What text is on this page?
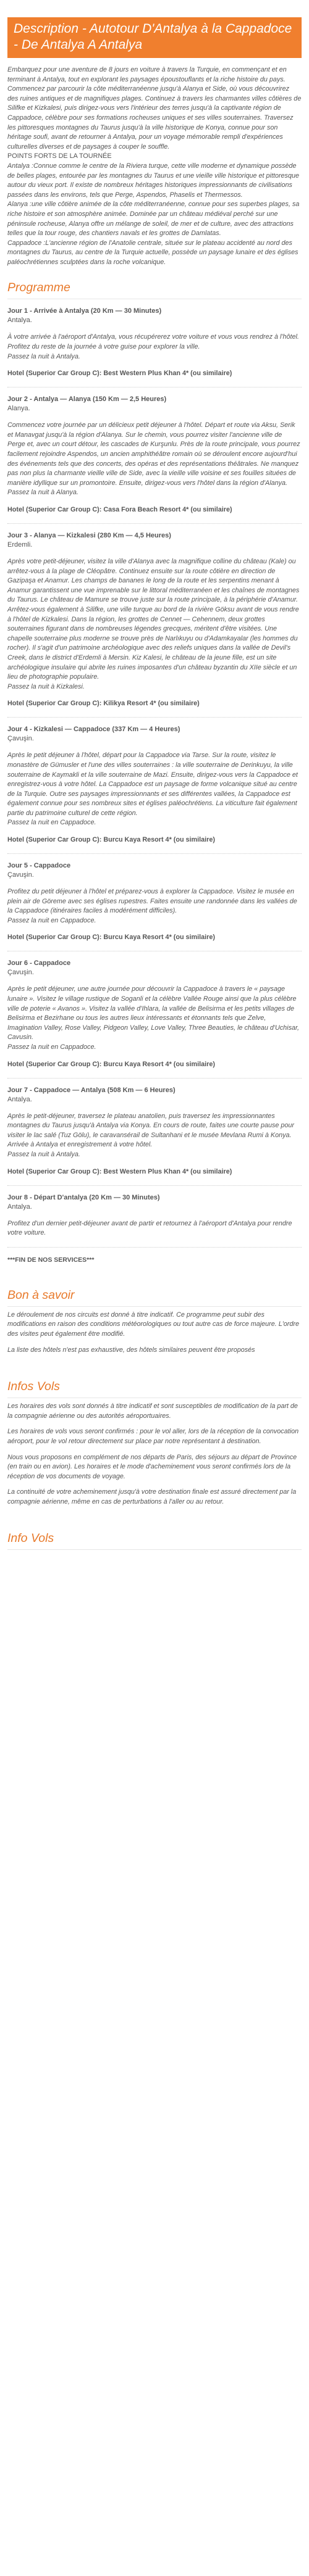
Description - Autotour D'Antalya à la Cappadoce - De Antalya A Antalya

Embarquez pour une aventure de 8 jours en voiture à travers la Turquie, en commençant et en terminant à Antalya, tout en explorant les paysages époustouflants et la riche histoire du pays. Commencez par parcourir la côte méditerranéenne jusqu'à Alanya et Side, où vous découvrirez des ruines antiques et de magnifiques plages. Continuez à travers les charmantes villes côtières de Silifke et Kizkalesi, puis dirigez-vous vers l'intérieur des terres jusqu'à la captivante région de Cappadoce, célèbre pour ses formations rocheuses uniques et ses villes souterraines. Traversez les pittoresques montagnes du Taurus jusqu'à la ville historique de Konya, connue pour son héritage soufi, avant de retourner à Antalya, pour un voyage mémorable rempli d'expériences culturelles diverses et de paysages à couper le souffle.

POINTS FORTS DE LA TOURNÉE

Antalya :Connue comme le centre de la Riviera turque, cette ville moderne et dynamique possède de belles plages, entourée par les montagnes du Taurus et une vieille ville historique et pittoresque autour du vieux port. Il existe de nombreux héritages historiques impressionnants de civilisations passées dans les environs, tels que Perge, Aspendos, Phaselis et Thermessos.

Alanya :une ville côtière animée de la côte méditerranéenne, connue pour ses superbes plages, sa riche histoire et son atmosphère animée. Dominée par un château médiéval perché sur une péninsule rocheuse, Alanya offre un mélange de soleil, de mer et de culture, avec des attractions telles que la tour rouge, des chantiers navals et les grottes de Damlatas.

Cappadoce :L'ancienne région de l'Anatolie centrale, située sur le plateau accidenté au nord des montagnes du Taurus, au centre de la Turquie actuelle, possède un paysage lunaire et des églises paléochrétiennes sculptées dans la roche volcanique.

Programme

Jour 1 - Arrivée à Antalya (20 Km — 30 Minutes)

Antalya.

À votre arrivée à l'aéroport d'Antalya, vous récupérerez votre voiture et vous vous rendrez à l'hôtel. Profitez du reste de la journée à votre guise pour explorer la ville.

Passez la nuit à Antalya.

Hotel (Superior Car Group C): Best Western Plus Khan 4* (ou similaire)

Jour 2 - Antalya — Alanya (150 Km — 2,5 Heures)

Alanya.

Commencez votre journée par un délicieux petit déjeuner à l'hôtel. Départ et route via Aksu, Serik et Manavgat jusqu'à la région d'Alanya. Sur le chemin, vous pourrez visiter l'ancienne ville de Perge et, avec un court détour, les cascades de Kurşunlu. Près de la route principale, vous pourrez facilement rejoindre Aspendos, un ancien amphithéâtre romain où se déroulent encore aujourd'hui des événements tels que des concerts, des opéras et des représentations théâtrales. Ne manquez pas non plus la charmante vieille ville de Side, avec la vieille ville voisine et ses fouilles situées de manière idyllique sur un promontoire. Ensuite, dirigez-vous vers l'hôtel dans la région d'Alanya.

Passez la nuit à Alanya.

Hotel (Superior Car Group C): Casa Fora Beach Resort 4* (ou similaire)

Jour 3 - Alanya — Kizkalesi (280 Km — 4,5 Heures)

Erdemli.

Après votre petit-déjeuner, visitez la ville d'Alanya avec la magnifique colline du château (Kale) ou arrêtez-vous à la plage de Cléopâtre. Continuez ensuite sur la route côtière en direction de Gazipaşa et Anamur. Les champs de bananes le long de la route et les serpentins menant à Anamur garantissent une vue imprenable sur le littoral méditerranéen et les chaînes de montagnes du Taurus. Le château de Mamure se trouve juste sur la route principale, à la périphérie d'Anamur. Arrêtez-vous également à Silifke, une ville turque au bord de la rivière Göksu avant de vous rendre à l'hôtel de Kizkalesi. Dans la région, les grottes de Cennet — Cehennem, deux grottes souterraines figurant dans de nombreuses légendes grecques, méritent d'être visitées. Une chapelle souterraine plus moderne se trouve près de Narlıkuyu ou d'Adamkayalar (les hommes du rocher). Il s'agit d'un patrimoine archéologique avec des reliefs uniques dans la vallée de Devil's Creek, dans le district d'Erdemli à Mersin. Kiz Kalesi, le château de la jeune fille, est un site archéologique insulaire qui abrite les ruines imposantes d'un château byzantin du XIIe siècle et un lieu de photographie populaire.

Passez la nuit à Kizkalesi.

Hotel (Superior Car Group C): Kilikya Resort 4* (ou similaire)

Jour 4 - Kizkalesi — Cappadoce (337 Km — 4 Heures)

Çavuşin.

Après le petit déjeuner à l'hôtel, départ pour la Cappadoce via Tarse. Sur la route, visitez le monastère de Gümusler et l'une des villes souterraines : la ville souterraine de Derinkuyu, la ville souterraine de Kaymakli et la ville souterraine de Mazi. Ensuite, dirigez-vous vers la Cappadoce et enregistrez-vous à votre hôtel. La Cappadoce est un paysage de forme volcanique situé au centre de la Turquie. Outre ses paysages impressionnants et ses différentes vallées, la Cappadoce est également connue pour ses nombreux sites et églises paléochrétiens. La viticulture fait également partie du patrimoine culturel de cette région.

Passez la nuit en Cappadoce.

Hotel (Superior Car Group C): Burcu Kaya Resort 4* (ou similaire)

Jour 5 - Cappadoce

Çavuşin.

Profitez du petit déjeuner à l'hôtel et préparez-vous à explorer la Cappadoce. Visitez le musée en plein air de Göreme avec ses églises rupestres. Faites ensuite une randonnée dans les vallées de la Cappadoce (itinéraires faciles à modérément difficiles).

Passez la nuit en Cappadoce.

Hotel (Superior Car Group C): Burcu Kaya Resort 4* (ou similaire)

Jour 6 - Cappadoce

Çavuşin.

Après le petit déjeuner, une autre journée pour découvrir la Cappadoce à travers le « paysage lunaire ». Visitez le village rustique de Soganli et la célèbre Vallée Rouge ainsi que la plus célèbre ville de poterie « Avanos ». Visitez la vallée d'Ihlara, la vallée de Belisirma et les petits villages de Belisirma et Bezirhane ou tous les autres lieux intéressants et étonnants tels que Zelve, Imagination Valley, Rose Valley, Pidgeon Valley, Love Valley, Three Beauties, le château d'Uchisar, Cavusin.

Passez la nuit en Cappadoce.

Hotel (Superior Car Group C): Burcu Kaya Resort 4* (ou similaire)

Jour 7 - Cappadoce — Antalya (508 Km — 6 Heures)

Antalya.

Après le petit-déjeuner, traversez le plateau anatolien, puis traversez les impressionnantes montagnes du Taurus jusqu'à Antalya via Konya. En cours de route, faites une courte pause pour visiter le lac salé (Tuz Gölu), le caravansérail de Sultanhani et le musée Mevlana Rumi à Konya. Arrivée à Antalya et enregistrement à votre hôtel.

Passez la nuit à Antalya.

Hotel (Superior Car Group C): Best Western Plus Khan 4* (ou similaire)

Jour 8 - Départ D'antalya (20 Km — 30 Minutes)

Antalya.

Profitez d'un dernier petit-déjeuner avant de partir et retournez à l'aéroport d'Antalya pour rendre votre voiture.

***FIN DE NOS SERVICES***

Bon à savoir

Le déroulement de nos circuits est donné à titre indicatif. Ce programme peut subir des modifications en raison des conditions météorologiques ou tout autre cas de force majeure. L'ordre des visites peut également être modifié.

La liste des hôtels n'est pas exhaustive, des hôtels similaires peuvent être proposés

Infos Vols

Les horaires des vols sont donnés à titre indicatif et sont susceptibles de modification de la part de la compagnie aérienne ou des autorités aéroportuaires.

Les horaires de vols vous seront confirmés : pour le vol aller, lors de la réception de la convocation aéroport, pour le vol retour directement sur place par notre représentant à destination.

Nous vous proposons en complément de nos départs de Paris, des séjours au départ de Province (en train ou en avion). Les horaires et le mode d'acheminement vous seront confirmés lors de la réception de vos documents de voyage.

La continuité de votre acheminement jusqu'à votre destination finale est assuré directement par la compagnie aérienne, même en cas de perturbations à l'aller ou au retour.

Info Vols
